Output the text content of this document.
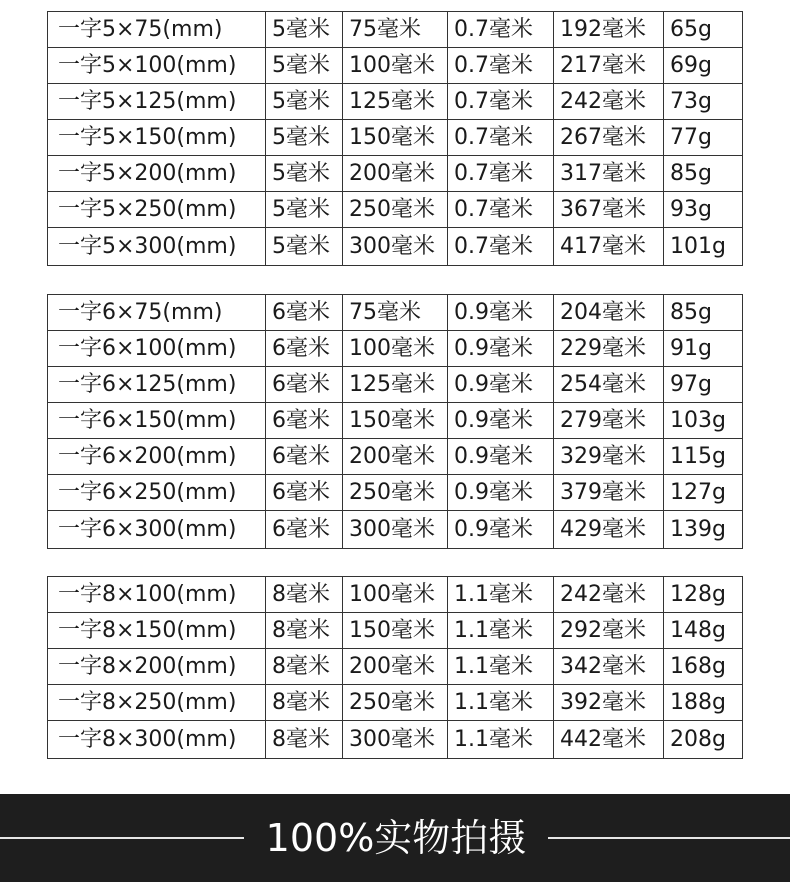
一字5×75(mm)	5毫米	75毫米	0.7毫米	192毫米	65g
一字5×100(mm)	5毫米	100毫米	0.7毫米	217毫米	69g
一字5×125(mm)	5毫米	125毫米	0.7毫米	242毫米	73g
一字5×150(mm)	5毫米	150毫米	0.7毫米	267毫米	77g
一字5×200(mm)	5毫米	200毫米	0.7毫米	317毫米	85g
一字5×250(mm)	5毫米	250毫米	0.7毫米	367毫米	93g
一字5×300(mm)	5毫米	300毫米	0.7毫米	417毫米	101g
一字6×75(mm)	6毫米	75毫米	0.9毫米	204毫米	85g
一字6×100(mm)	6毫米	100毫米	0.9毫米	229毫米	91g
一字6×125(mm)	6毫米	125毫米	0.9毫米	254毫米	97g
一字6×150(mm)	6毫米	150毫米	0.9毫米	279毫米	103g
一字6×200(mm)	6毫米	200毫米	0.9毫米	329毫米	115g
一字6×250(mm)	6毫米	250毫米	0.9毫米	379毫米	127g
一字6×300(mm)	6毫米	300毫米	0.9毫米	429毫米	139g
一字8×100(mm)	8毫米	100毫米	1.1毫米	242毫米	128g
一字8×150(mm)	8毫米	150毫米	1.1毫米	292毫米	148g
一字8×200(mm)	8毫米	200毫米	1.1毫米	342毫米	168g
一字8×250(mm)	8毫米	250毫米	1.1毫米	392毫米	188g
一字8×300(mm)	8毫米	300毫米	1.1毫米	442毫米	208g
100%实物拍摄
